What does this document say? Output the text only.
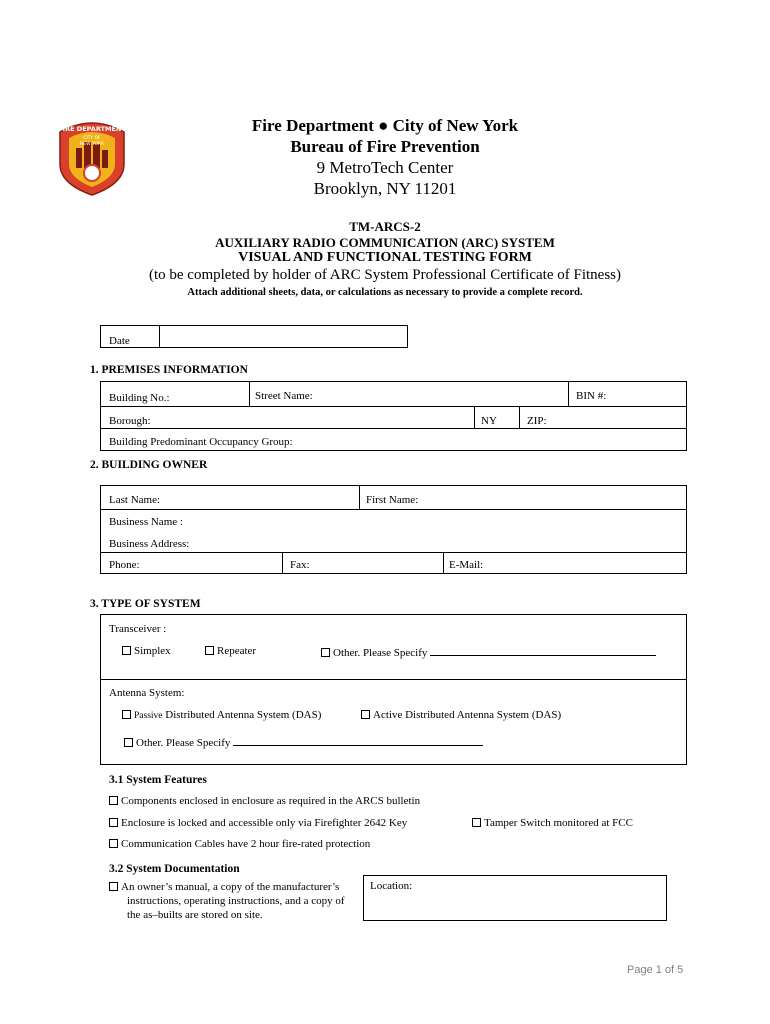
FIRE DEPARTMENT
CITY OF
NEW YORK
Fire Department ● City of New York
Bureau of Fire Prevention
9 MetroTech Center
Brooklyn, NY 11201
TM-ARCS-2
AUXILIARY RADIO COMMUNICATION (ARC) SYSTEM
VISUAL AND FUNCTIONAL TESTING FORM
(to be completed by holder of ARC System Professional Certificate of Fitness)
Attach additional sheets, data, or calculations as necessary to provide a complete record.
Date
1. PREMISES INFORMATION
Building No.:	Street Name:	BIN #:
Borough:	NY	ZIP:
Building Predominant Occupancy Group:
2. BUILDING OWNER
Last Name:	First Name:
Business Name :
Business Address:
Phone:	Fax:	E-Mail:
3. TYPE OF SYSTEM
Transceiver :
Simplex	Repeater	Other. Please Specify
Antenna System:
Passive Distributed Antenna System (DAS)	Active Distributed Antenna System (DAS)
Other. Please Specify
3.1 System Features
Components enclosed in enclosure as required in the ARCS bulletin
Enclosure is locked and accessible only via Firefighter 2642 Key	Tamper Switch monitored at FCC
Communication Cables have 2 hour fire-rated protection
3.2 System Documentation
An owner’s manual, a copy of the manufacturer’s
instructions, operating instructions, and a copy of
the as–builts are stored on site.
Location:
Page 1 of 5
